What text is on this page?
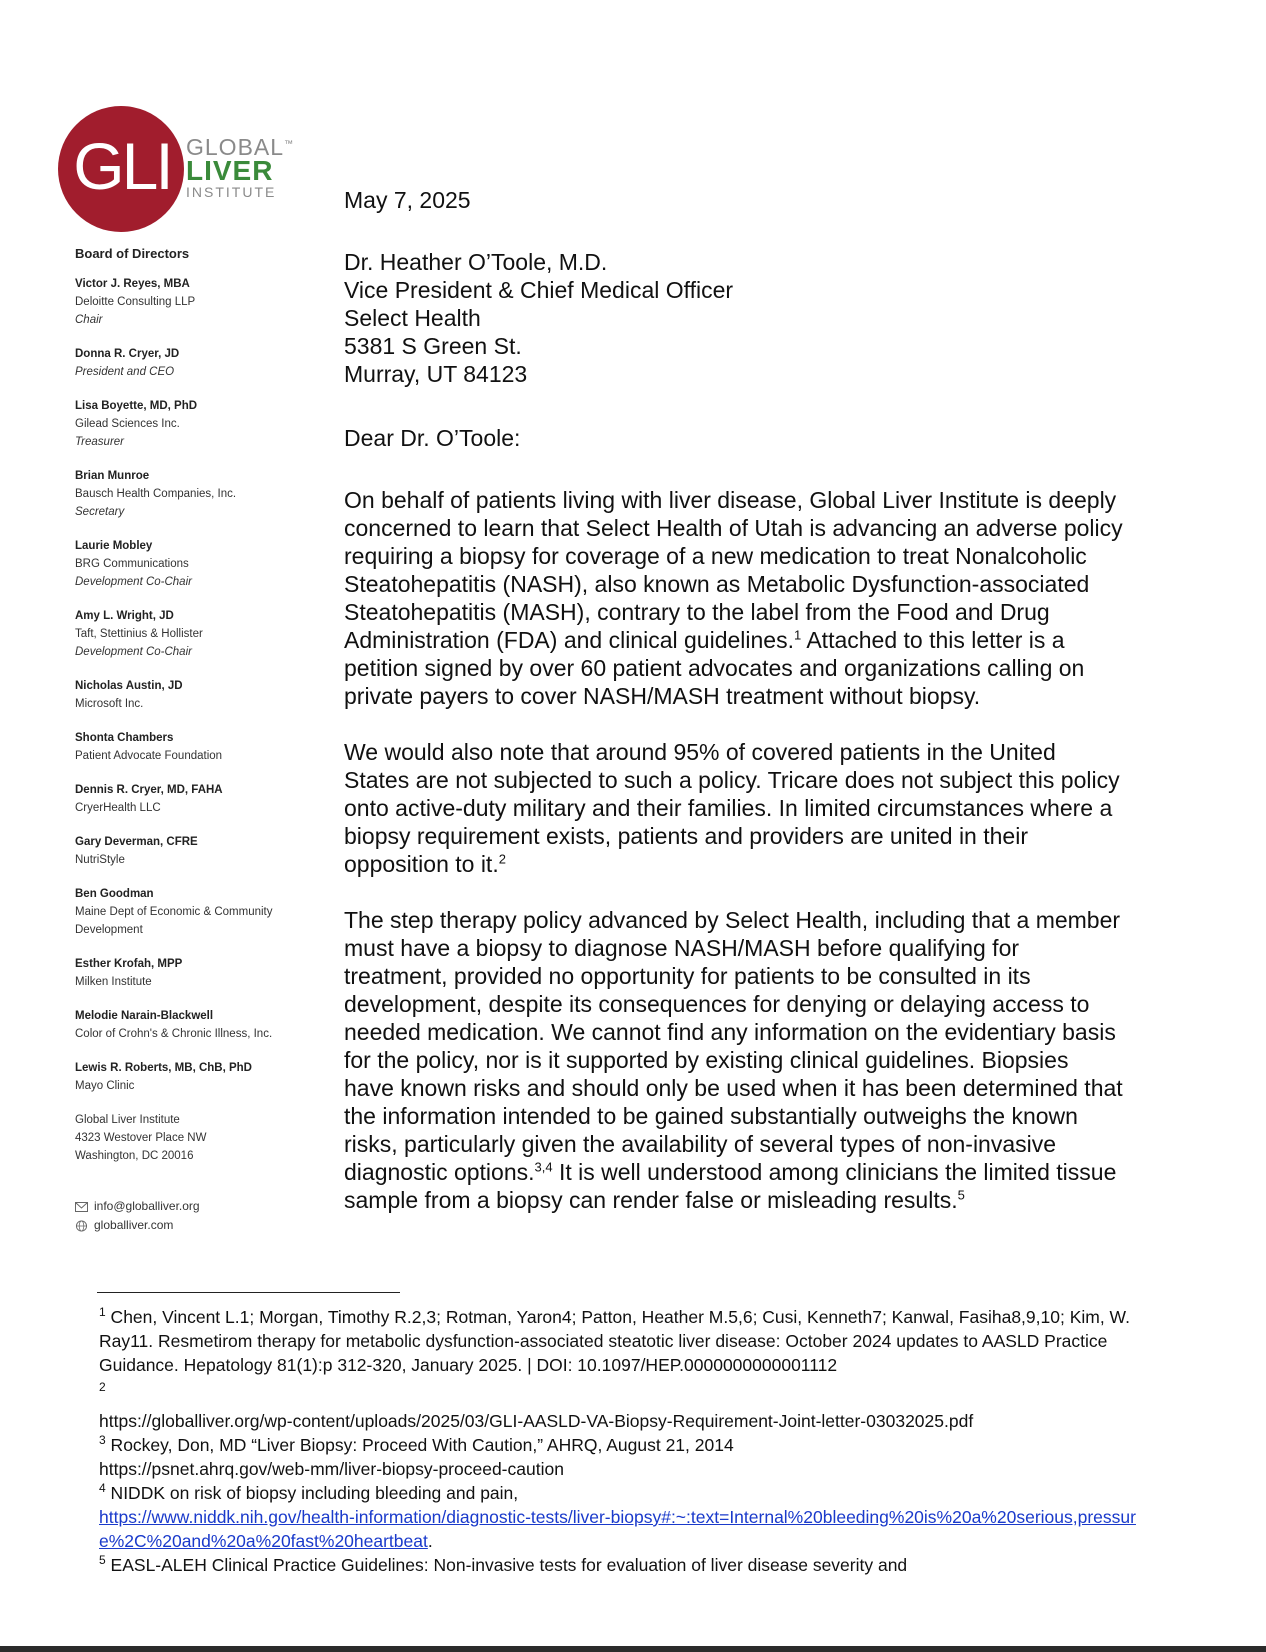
GLI GLOBAL™
LIVER
INSTITUTE
Board of Directors
Victor J. Reyes, MBA
Deloitte Consulting LLP
Chair
Donna R. Cryer, JD
President and CEO
Lisa Boyette, MD, PhD
Gilead Sciences Inc.
Treasurer
Brian Munroe
Bausch Health Companies, Inc.
Secretary
Laurie Mobley
BRG Communications
Development Co-Chair
Amy L. Wright, JD
Taft, Stettinius & Hollister
Development Co-Chair
Nicholas Austin, JD
Microsoft Inc.
Shonta Chambers
Patient Advocate Foundation
Dennis R. Cryer, MD, FAHA
CryerHealth LLC
Gary Deverman, CFRE
NutriStyle
Ben Goodman
Maine Dept of Economic & Community Development
Esther Krofah, MPP
Milken Institute
Melodie Narain-Blackwell
Color of Crohn's & Chronic Illness, Inc.
Lewis R. Roberts, MB, ChB, PhD
Mayo Clinic
Global Liver Institute
4323 Westover Place NW
Washington, DC 20016
info@globalliver.org
globalliver.com
May 7, 2025
Dr. Heather O’Toole, M.D.
Vice President & Chief Medical Officer
Select Health
5381 S Green St.
Murray, UT 84123
Dear Dr. O’Toole:
On behalf of patients living with liver disease, Global Liver Institute is deeply concerned to learn that Select Health of Utah is advancing an adverse policy requiring a biopsy for coverage of a new medication to treat Nonalcoholic Steatohepatitis (NASH), also known as Metabolic Dysfunction-associated Steatohepatitis (MASH), contrary to the label from the Food and Drug Administration (FDA) and clinical guidelines.$^1$ Attached to this letter is a petition signed by over 60 patient advocates and organizations calling on private payers to cover NASH/MASH treatment without biopsy.
We would also note that around 95% of covered patients in the United States are not subjected to such a policy. Tricare does not subject this policy onto active-duty military and their families. In limited circumstances where a biopsy requirement exists, patients and providers are united in their opposition to it.$^2$
The step therapy policy advanced by Select Health, including that a member must have a biopsy to diagnose NASH/MASH before qualifying for treatment, provided no opportunity for patients to be consulted in its development, despite its consequences for denying or delaying access to needed medication. We cannot find any information on the evidentiary basis for the policy, nor is it supported by existing clinical guidelines. Biopsies have known risks and should only be used when it has been determined that the information intended to be gained substantially outweighs the known risks, particularly given the availability of several types of non-invasive diagnostic options.$^{3,4}$ It is well understood among clinicians the limited tissue sample from a biopsy can render false or misleading results.$^5$

$^1$ Chen, Vincent L.1; Morgan, Timothy R.2,3; Rotman, Yaron4; Patton, Heather M.5,6; Cusi, Kenneth7; Kanwal, Fasiha8,9,10; Kim, W. Ray11. Resmetirom therapy for metabolic dysfunction-associated steatotic liver disease: October 2024 updates to AASLD Practice Guidance. Hepatology 81(1):p 312-320, January 2025. | DOI: 10.1097/HEP.0000000000001112

2

https://globalliver.org/wp-content/uploads/2025/03/GLI-AASLD-VA-Biopsy-Requirement-Joint-letter-03032025.pdf

$^3$ Rockey, Don, MD “Liver Biopsy: Proceed With Caution,” AHRQ, August 21, 2014

https://psnet.ahrq.gov/web-mm/liver-biopsy-proceed-caution

$^4$ NIDDK on risk of biopsy including bleeding and pain,

https://www.niddk.nih.gov/health-information/diagnostic-tests/liver-biopsy#:~:text=Internal%20bleeding%20is%20a%20serious,pressure%2C%20and%20a%20fast%20heartbeat.

$^5$ EASL-ALEH Clinical Practice Guidelines: Non-invasive tests for evaluation of liver disease severity and
